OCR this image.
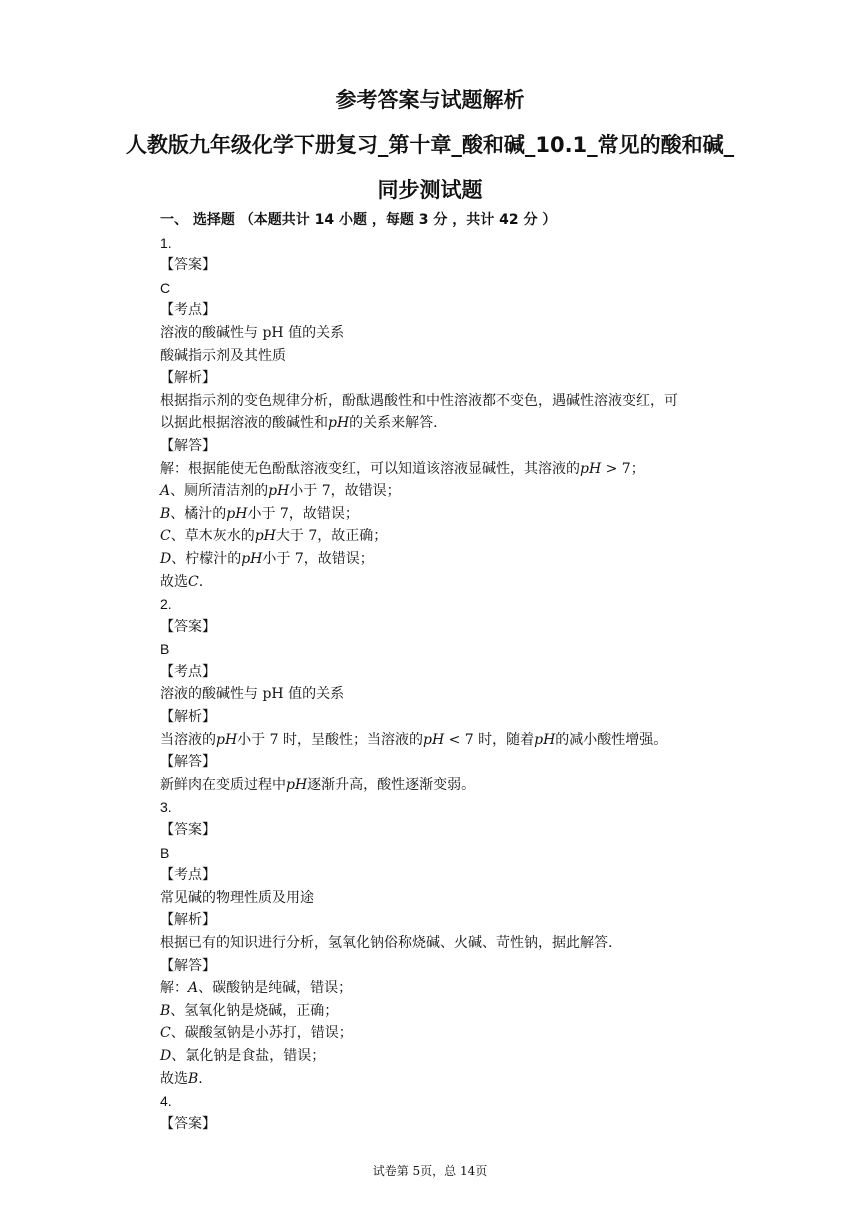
参考答案与试题解析
人教版九年级化学下册复习_第十章_酸和碱_10.1_常见的酸和碱_
同步测试题
一、 选择题 （本题共计 14 小题 ，每题 3 分 ，共计 42 分 ）
1.
【答案】
C
【考点】
溶液的酸碱性与 pH 值的关系
酸碱指示剂及其性质
【解析】
根据指示剂的变色规律分析，酚酞遇酸性和中性溶液都不变色，遇碱性溶液变红，可
以据此根据溶液的酸碱性和𝑝𝐻的关系来解答.
【解答】
解：根据能使无色酚酞溶液变红，可以知道该溶液显碱性，其溶液的𝑝𝐻 > 7；
𝐴、厕所清洁剂的𝑝𝐻小于 7，故错误；
𝐵、橘汁的𝑝𝐻小于 7，故错误；
𝐶、草木灰水的𝑝𝐻大于 7，故正确；
𝐷、柠檬汁的𝑝𝐻小于 7，故错误；
故选𝐶.
2.
【答案】
B
【考点】
溶液的酸碱性与 pH 值的关系
【解析】
当溶液的𝑝𝐻小于 7 时，呈酸性；当溶液的𝑝𝐻 < 7 时，随着𝑝𝐻的减小酸性增强。
【解答】
新鲜肉在变质过程中𝑝𝐻逐渐升高，酸性逐渐变弱。
3.
【答案】
B
【考点】
常见碱的物理性质及用途
【解析】
根据已有的知识进行分析，氢氧化钠俗称烧碱、火碱、苛性钠，据此解答.
【解答】
解：𝐴、碳酸钠是纯碱，错误；
𝐵、氢氧化钠是烧碱，正确；
𝐶、碳酸氢钠是小苏打，错误；
𝐷、氯化钠是食盐，错误；
故选𝐵.
4.
【答案】
试卷第 5页，总 14页
